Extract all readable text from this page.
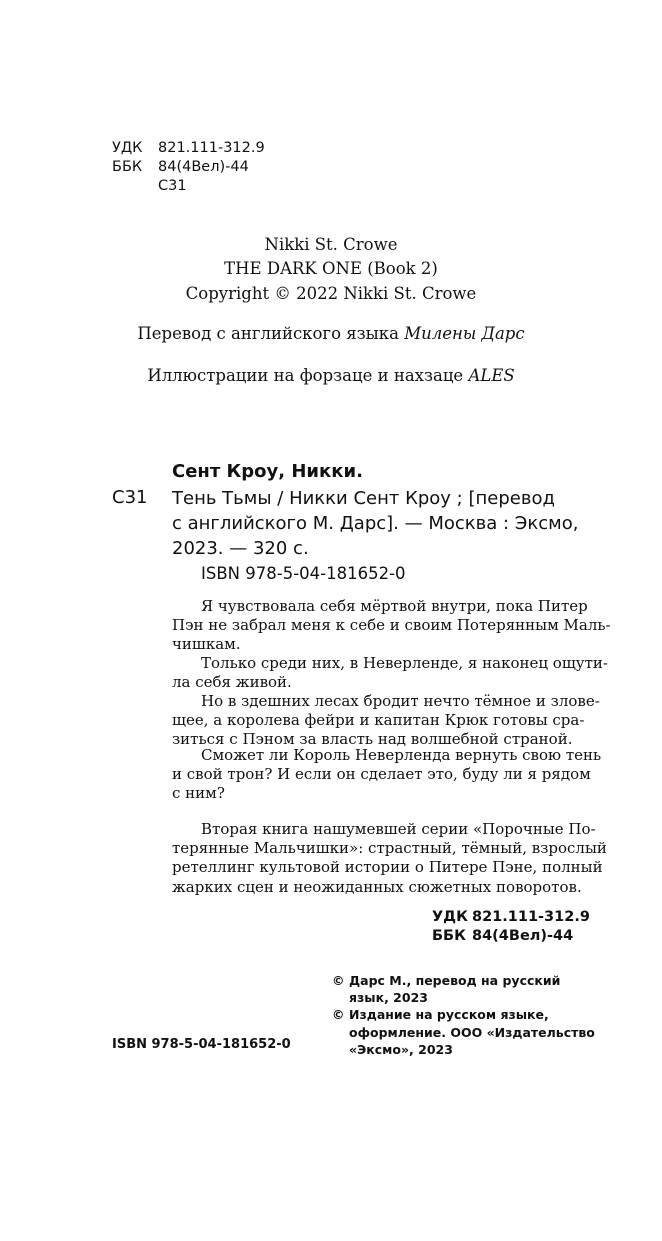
УДК 821.111-312.9
ББК 84(4Вел)-44
С31
Nikki St. Crowe
THE DARK ONE (Book 2)
Copyright © 2022 Nikki St. Crowe
Перевод с английского языка Милены Дарс
Иллюстрации на форзаце и нахзаце ALES
Сент Кроу, Никки.
С31 Тень Тьмы / Никки Сент Кроу ; [перевод
с английского М. Дарс]. — Москва : Эксмо,
2023. — 320 с.
ISBN 978-5-04-181652-0
Я чувствовала себя мёртвой внутри, пока Питер
Пэн не забрал меня к себе и своим Потерянным Маль-
чишкам.
Только среди них, в Неверленде, я наконец ощути-
ла себя живой.
Но в здешних лесах бродит нечто тёмное и злове-
щее, а королева фейри и капитан Крюк готовы сра-
зиться с Пэном за власть над волшебной страной.
Сможет ли Король Неверленда вернуть свою тень
и свой трон? И если он сделает это, буду ли я рядом
с ним?
Вторая книга нашумевшей серии «Порочные По-
терянные Мальчишки»: страстный, тёмный, взрослый
ретеллинг культовой истории о Питере Пэне, полный
жарких сцен и неожиданных сюжетных поворотов.
УДК 821.111-312.9
ББК 84(4Вел)-44
© Дарс М., перевод на русский
язык, 2023
© Издание на русском языке,
оформление. ООО «Издательство
«Эксмо», 2023
ISBN 978-5-04-181652-0
